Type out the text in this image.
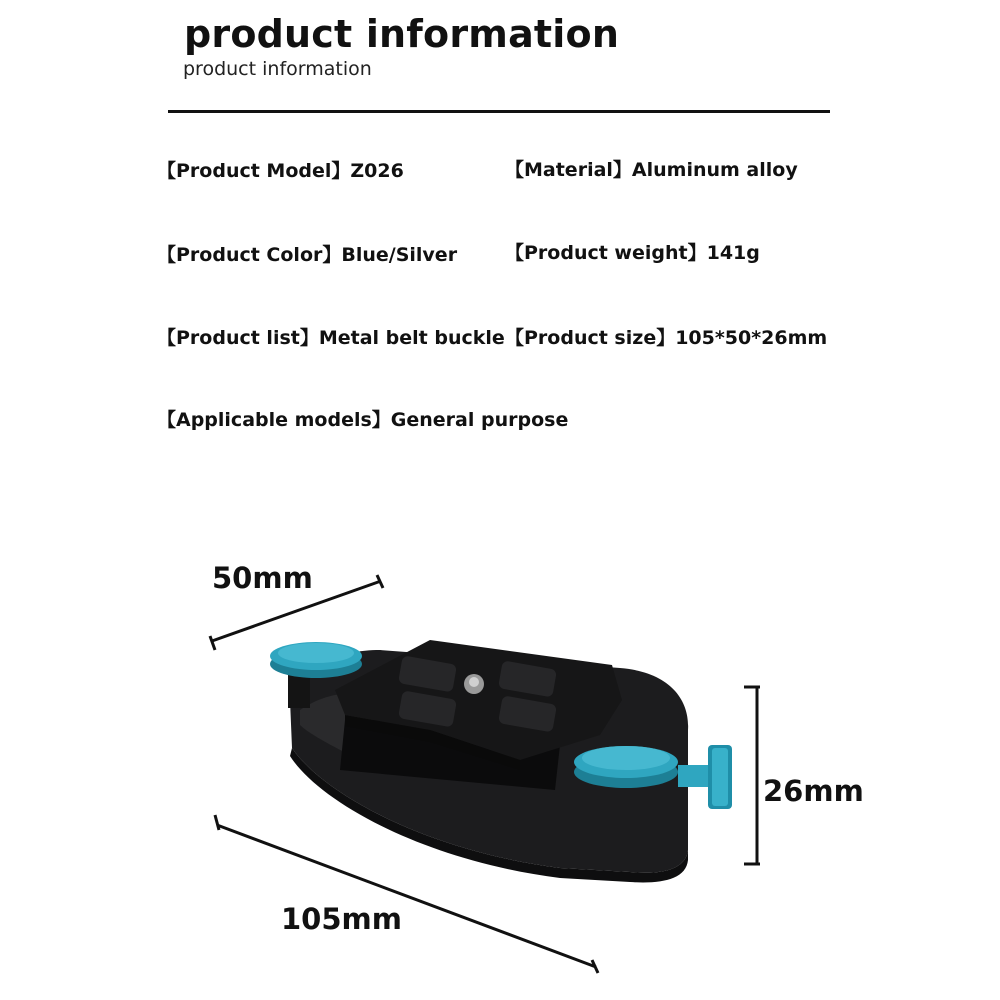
product information
product information
【Product Model】Z026	【Material】Aluminum alloy
【Product Color】Blue/Silver	【Product weight】141g
【Product list】Metal belt buckle 【Product size】105*50*26mm
【Applicable models】General purpose
50mm
26mm
105mm
